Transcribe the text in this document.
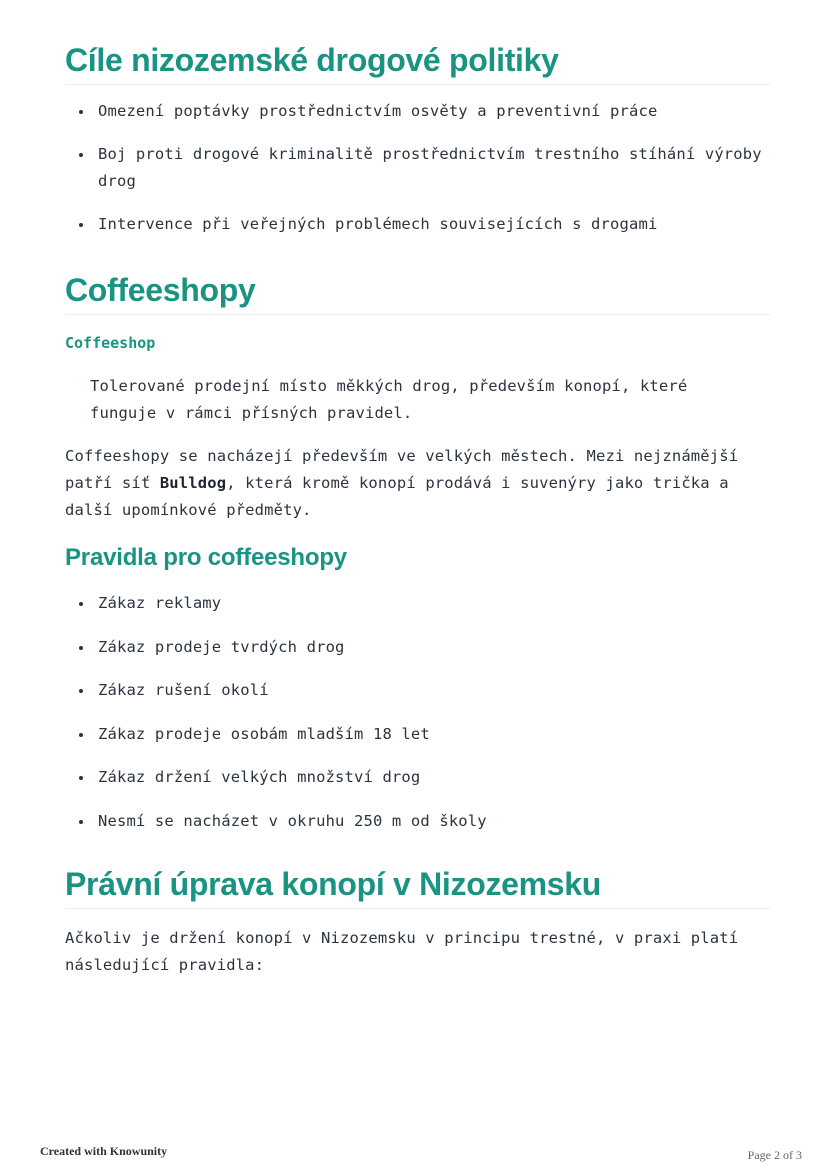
Cíle nizozemské drogové politiky
Omezení poptávky prostřednictvím osvěty a preventivní práce
Boj proti drogové kriminalitě prostřednictvím trestního stíhání výroby drog
Intervence při veřejných problémech souvisejících s drogami
Coffeeshopy
Coffeeshop

Tolerované prodejní místo měkkých drog, především konopí, které funguje v rámci přísných pravidel.

Coffeeshopy se nacházejí především ve velkých městech. Mezi nejznámější patří síť Bulldog, která kromě konopí prodává i suvenýry jako trička a další upomínkové předměty.

Pravidla pro coffeeshopy
Zákaz reklamy
Zákaz prodeje tvrdých drog
Zákaz rušení okolí
Zákaz prodeje osobám mladším 18 let
Zákaz držení velkých množství drog
Nesmí se nacházet v okruhu 250 m od školy
Právní úprava konopí v Nizozemsku

Ačkoliv je držení konopí v Nizozemsku v principu trestné, v praxi platí následující pravidla:

Created with Knowunity	Page 2 of 3
